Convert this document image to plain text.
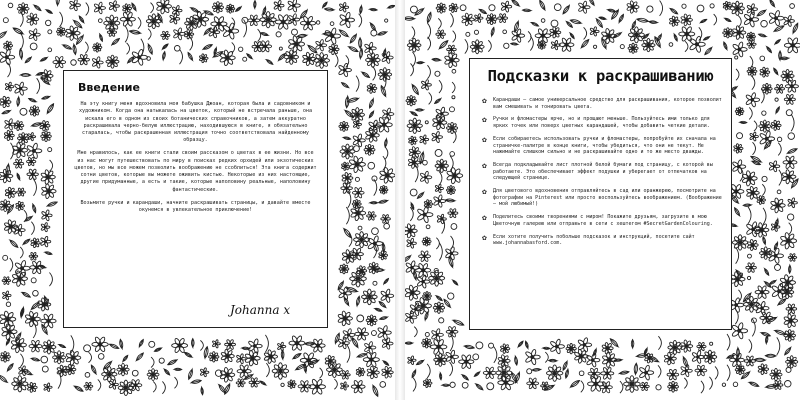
Введение

На эту книгу меня вдохновила моя бабушка Джоан, которая была и садовником и художником. Когда она натыкалась на цветок, который не встречала раньше, она искала его в одном из своих ботанических справочников, а затем аккуратно раскрашивала черно-белую иллюстрацию, находившуюся в книге, я обязательно старалась, чтобы раскрашенная иллюстрация точно соответствовала найденному образцу.

Мне нравилось, как ее книги стали своим рассказом о цветах в ее жизни. Но все из нас могут путешествовать по миру в поисках редких орхидей или экзотических цветов, но мы все можем позволить воображению не ссоблиться! Эта книга содержит сотни цветов, которые вы можете оживить кистью. Некоторые из них настоящие, другие придуманные, а есть и такие, которые наполовину реальные, наполовину фантастические.

Возьмите ручки и карандаши, начните раскрашивать страницы, и давайте вместе окунемся в увлекательное приключение!

Johanna x
Подсказки к раскрашиванию
✿	Карандаши — самое универсальное средство для раскрашивания, которое позволит вам смешивать и тонировать цвета.
✿	Ручки и фломастеры ярче, но и прощают меньше. Пользуйтесь ими только для ярких точек или поверх цветных карандашей, чтобы добавить четкие детали.
✿	Если собираетесь использовать ручки и фломастеры, попробуйте их сначала на страничке-палитре в конце книги, чтобы убедиться, что они не текут. Не нажимайте слишком сильно и не раскрашивайте одно и то же место дважды.
✿	Всегда подкладывайте лист плотной белой бумаги под страницу, с которой вы работаете. Это обеспечивает эффект подушки и уберегает от отпечатков на следующей странице.
✿	Для цветового вдохновения отправляйтесь в сад или оранжерею, посмотрите на фотографии на Pinterest или просто воспользуйтесь воображением. (Воображение — мой любимый!)
✿	Поделитесь своими творениями с миром! Покажите друзьям, загрузите в мою Цветочную галерею или отправьте в сети с хештегом #SecretGardenColouring.
✿	Если хотите получить побольше подсказок и инструкций, посетите сайт www.johannabasford.com.
